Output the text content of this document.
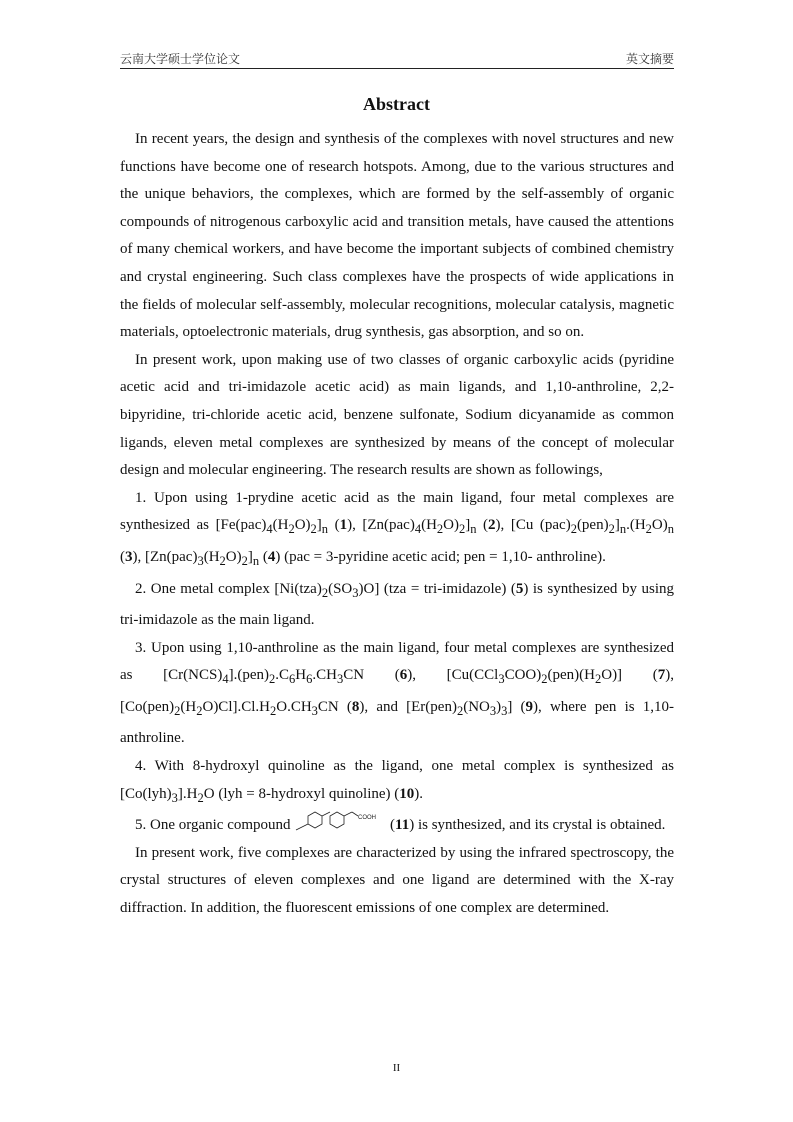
云南大学硕士学位论文	英文摘要
Abstract

In recent years, the design and synthesis of the complexes with novel structures and new functions have become one of research hotspots. Among, due to the various structures and the unique behaviors, the complexes, which are formed by the self-assembly of organic compounds of nitrogenous carboxylic acid and transition metals, have caused the attentions of many chemical workers, and have become the important subjects of combined chemistry and crystal engineering. Such class complexes have the prospects of wide applications in the fields of molecular self-assembly, molecular recognitions, molecular catalysis, magnetic materials, optoelectronic materials, drug synthesis, gas absorption, and so on.

In present work, upon making use of two classes of organic carboxylic acids (pyridine acetic acid and tri-imidazole acetic acid) as main ligands, and 1,10-anthroline, 2,2-bipyridine, tri-chloride acetic acid, benzene sulfonate, Sodium dicyanamide as common ligands, eleven metal complexes are synthesized by means of the concept of molecular design and molecular engineering. The research results are shown as followings,

1. Upon using 1-prydine acetic acid as the main ligand, four metal complexes are synthesized as $[Fe(pac)_4(H_2O)_2]_n$ (1), $[Zn(pac)_4(H_2O)_2]_n$ (2), [Cu $(pac)_2(pen)_2]_n.(H_2O)_n$ (3), $[Zn(pac)_3(H_2O)_2]_n$ (4) (pac = 3-pyridine acetic acid; pen = 1,10- anthroline).

2. One metal complex $[Ni(tza)_2(SO_3)O] (tza$ = tri-imidazole) (5) is synthesized by using tri-imidazole as the main ligand.

3. Upon using 1,10-anthroline as the main ligand, four metal complexes are synthesized as $[Cr(NCS)_4].(pen)_2.C_6H_6.CH_3CN$ (6), $[Cu(CCl_3COO)_2(pen)(H_2O)]$ (7), $[Co(pen)_2(H_2O)Cl].Cl.H_2O.CH_3CN$ (8), and $[Er(pen)_2(NO_3)_3]$ (9), where pen is 1,10-anthroline.

4. With 8-hydroxyl quinoline as the ligand, one metal complex is synthesized as $[Co(lyh)_3].H_2O$ (lyh = 8-hydroxyl quinoline) (10).

5. One organic compound	COOH (11) is synthesized, and its crystal is obtained.

In present work, five complexes are characterized by using the infrared spectroscopy, the crystal structures of eleven complexes and one ligand are determined with the X-ray diffraction. In addition, the fluorescent emissions of one complex are determined.

II
